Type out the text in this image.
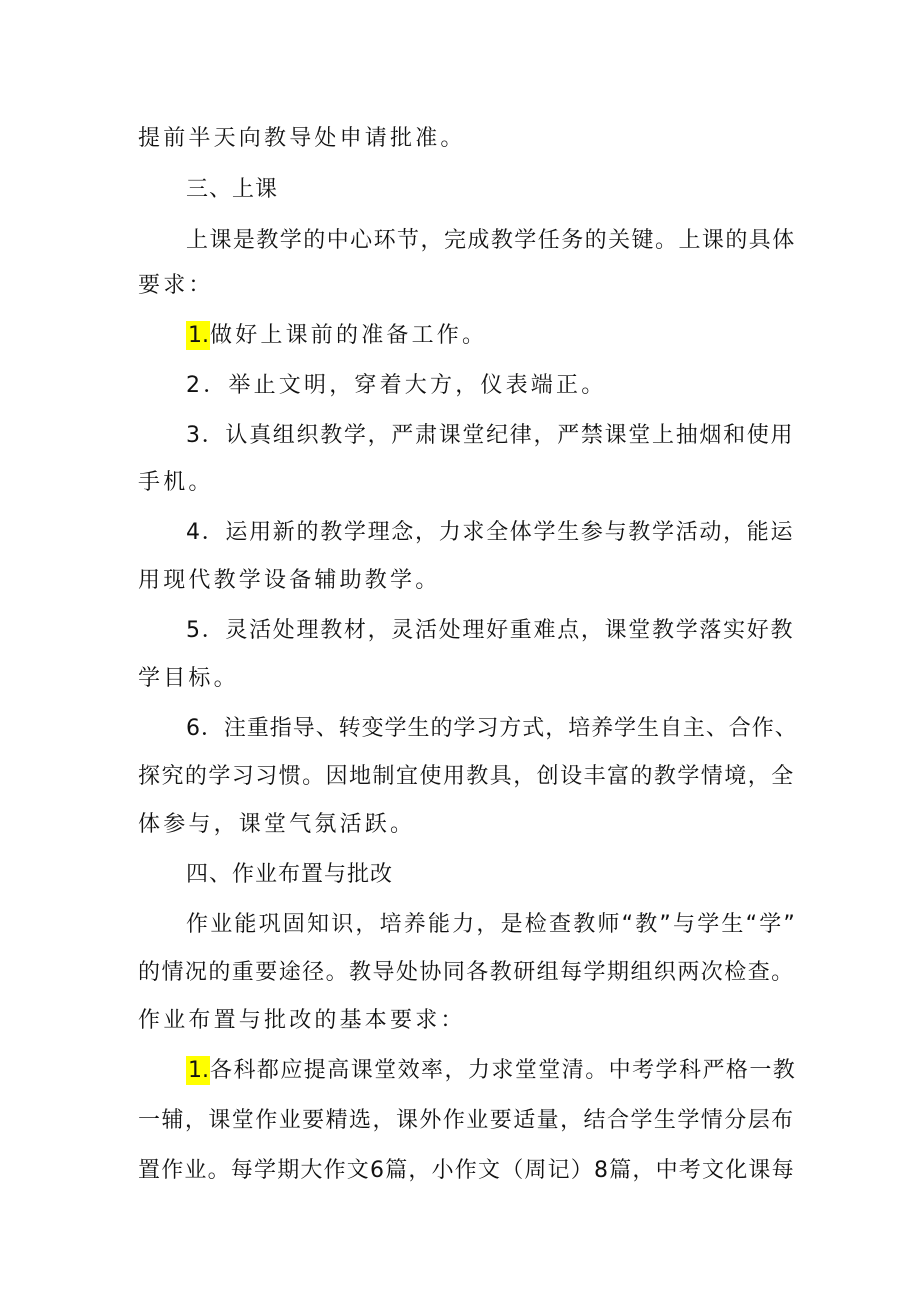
提前半天向教导处申请批准。

三、上课

上课是教学的中心环节，完成教学任务的关键。上课的具体

要求：

1.做好上课前的准备工作。

2．举止文明，穿着大方，仪表端正。

3．认真组织教学，严肃课堂纪律，严禁课堂上抽烟和使用

手机。

4．运用新的教学理念，力求全体学生参与教学活动，能运

用现代教学设备辅助教学。

5．灵活处理教材，灵活处理好重难点，课堂教学落实好教

学目标。

6．注重指导、转变学生的学习方式，培养学生自主、合作、

探究的学习习惯。因地制宜使用教具，创设丰富的教学情境，全

体参与，课堂气氛活跃。

四、作业布置与批改

作业能巩固知识，培养能力，是检查教师“教”与学生“学”

的情况的重要途径。教导处协同各教研组每学期组织两次检查。

作业布置与批改的基本要求：

1.各科都应提高课堂效率，力求堂堂清。中考学科严格一教

一辅，课堂作业要精选，课外作业要适量，结合学生学情分层布

置作业。每学期大作文6篇，小作文（周记）8篇，中考文化课每
